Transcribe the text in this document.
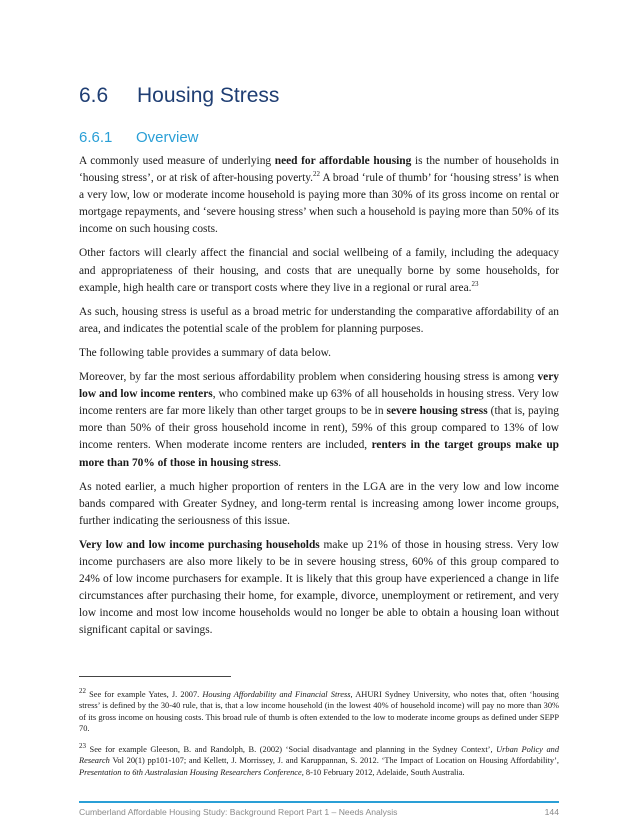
6.6 Housing Stress
6.6.1 Overview

A commonly used measure of underlying need for affordable housing is the number of households in ‘housing stress’, or at risk of after-housing poverty.$^{22}$ A broad ‘rule of thumb’ for ‘housing stress’ is when a very low, low or moderate income household is paying more than 30% of its gross income on rental or mortgage repayments, and ‘severe housing stress’ when such a household is paying more than 50% of its income on such housing costs.

Other factors will clearly affect the financial and social wellbeing of a family, including the adequacy and appropriateness of their housing, and costs that are unequally borne by some households, for example, high health care or transport costs where they live in a regional or rural area.$^{23}$

As such, housing stress is useful as a broad metric for understanding the comparative affordability of an area, and indicates the potential scale of the problem for planning purposes.

The following table provides a summary of data below.

Moreover, by far the most serious affordability problem when considering housing stress is among very low and low income renters, who combined make up 63% of all households in housing stress. Very low income renters are far more likely than other target groups to be in severe housing stress (that is, paying more than 50% of their gross household income in rent), 59% of this group compared to 13% of low income renters. When moderate income renters are included, renters in the target groups make up more than 70% of those in housing stress.

As noted earlier, a much higher proportion of renters in the LGA are in the very low and low income bands compared with Greater Sydney, and long-term rental is increasing among lower income groups, further indicating the seriousness of this issue.

Very low and low income purchasing households make up 21% of those in housing stress. Very low income purchasers are also more likely to be in severe housing stress, 60% of this group compared to 24% of low income purchasers for example. It is likely that this group have experienced a change in life circumstances after purchasing their home, for example, divorce, unemployment or retirement, and very low income and most low income households would no longer be able to obtain a housing loan without significant capital or savings.

$^{22}$ See for example Yates, J. 2007. Housing Affordability and Financial Stress, AHURI Sydney University, who notes that, often ‘housing stress’ is defined by the 30-40 rule, that is, that a low income household (in the lowest 40% of household income) will pay no more than 30% of its gross income on housing costs. This broad rule of thumb is often extended to the low to moderate income groups as defined under SEPP 70.
$^{23}$ See for example Gleeson, B. and Randolph, B. (2002) ‘Social disadvantage and planning in the Sydney Context’, Urban Policy and Research Vol 20(1) pp101-107; and Kellett, J. Morrissey, J. and Karuppannan, S. 2012. ‘The Impact of Location on Housing Affordability’, Presentation to 6th Australasian Housing Researchers Conference, 8-10 February 2012, Adelaide, South Australia.
Cumberland Affordable Housing Study: Background Report Part 1 – Needs Analysis	144
